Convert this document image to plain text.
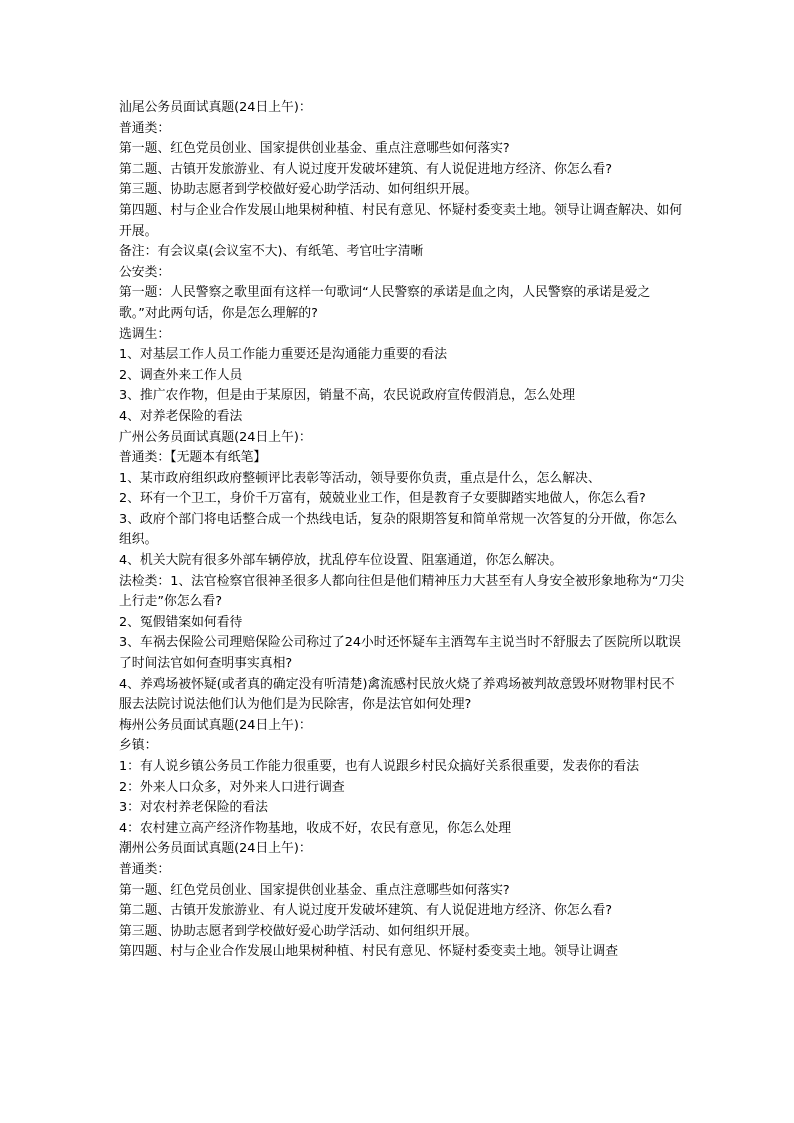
汕尾公务员面试真题(24日上午)：

普通类：

第一题、红色党员创业、国家提供创业基金、重点注意哪些如何落实?

第二题、古镇开发旅游业、有人说过度开发破坏建筑、有人说促进地方经济、你怎么看?

第三题、协助志愿者到学校做好爱心助学活动、如何组织开展。

第四题、村与企业合作发展山地果树种植、村民有意见、怀疑村委变卖土地。领导让调查解决、如何开展。

备注：有会议桌(会议室不大)、有纸笔、考官吐字清晰

公安类：

第一题：人民警察之歌里面有这样一句歌词“人民警察的承诺是血之肉，人民警察的承诺是爱之歌。”对此两句话，你是怎么理解的?

选调生：

1、对基层工作人员工作能力重要还是沟通能力重要的看法

2、调查外来工作人员

3、推广农作物，但是由于某原因，销量不高，农民说政府宣传假消息，怎么处理

4、对养老保险的看法

广州公务员面试真题(24日上午)：

普通类：【无题本有纸笔】

1、某市政府组织政府整顿评比表彰等活动，领导要你负责，重点是什么，怎么解决、

2、环有一个卫工，身价千万富有，兢兢业业工作，但是教育子女要脚踏实地做人，你怎么看?

3、政府个部门将电话整合成一个热线电话，复杂的限期答复和简单常规一次答复的分开做，你怎么组织。

4、机关大院有很多外部车辆停放，扰乱停车位设置、阻塞通道，你怎么解决。

法检类：1、法官检察官很神圣很多人都向往但是他们精神压力大甚至有人身安全被形象地称为“刀尖上行走”你怎么看?

2、冤假错案如何看待

3、车祸去保险公司理赔保险公司称过了24小时还怀疑车主酒驾车主说当时不舒服去了医院所以耽误了时间法官如何查明事实真相?

4、养鸡场被怀疑(或者真的确定没有听清楚)禽流感村民放火烧了养鸡场被判故意毁坏财物罪村民不服去法院讨说法他们认为他们是为民除害，你是法官如何处理?

梅州公务员面试真题(24日上午)：

乡镇：

1：有人说乡镇公务员工作能力很重要，也有人说跟乡村民众搞好关系很重要，发表你的看法

2：外来人口众多，对外来人口进行调查

3：对农村养老保险的看法

4：农村建立高产经济作物基地，收成不好，农民有意见，你怎么处理

潮州公务员面试真题(24日上午)：

普通类：

第一题、红色党员创业、国家提供创业基金、重点注意哪些如何落实?

第二题、古镇开发旅游业、有人说过度开发破坏建筑、有人说促进地方经济、你怎么看?

第三题、协助志愿者到学校做好爱心助学活动、如何组织开展。

第四题、村与企业合作发展山地果树种植、村民有意见、怀疑村委变卖土地。领导让调查
